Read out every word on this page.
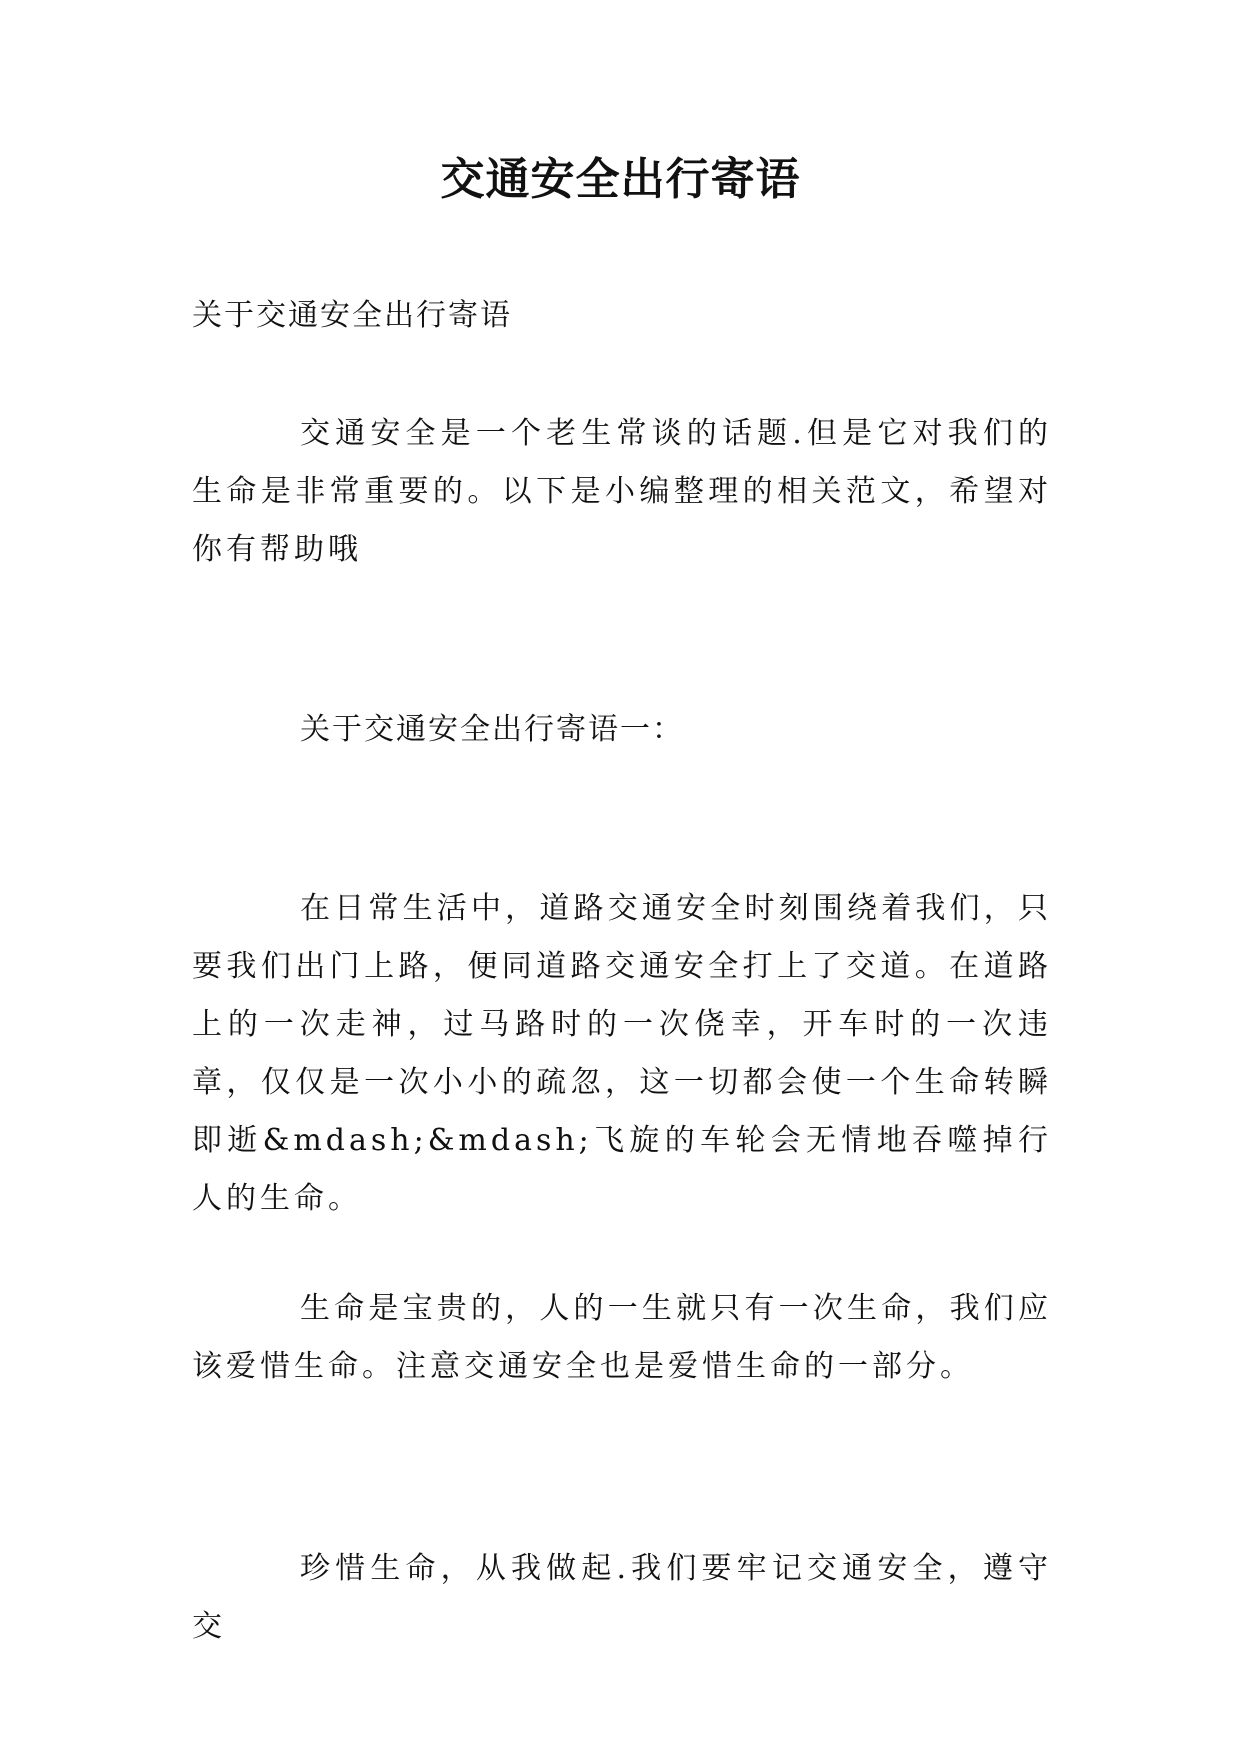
交通安全出行寄语

关于交通安全出行寄语

交通安全是一个老生常谈的话题.但是它对我们的生命是非常重要的。以下是小编整理的相关范文，希望对你有帮助哦

关于交通安全出行寄语一：

在日常生活中，道路交通安全时刻围绕着我们，只要我们出门上路，便同道路交通安全打上了交道。在道路上的一次走神，过马路时的一次侥幸，开车时的一次违章，仅仅是一次小小的疏忽，这一切都会使一个生命转瞬即逝&mdash;&mdash;飞旋的车轮会无情地吞噬掉行人的生命。

生命是宝贵的，人的一生就只有一次生命，我们应该爱惜生命。注意交通安全也是爱惜生命的一部分。

珍惜生命，从我做起.我们要牢记交通安全，遵守交
